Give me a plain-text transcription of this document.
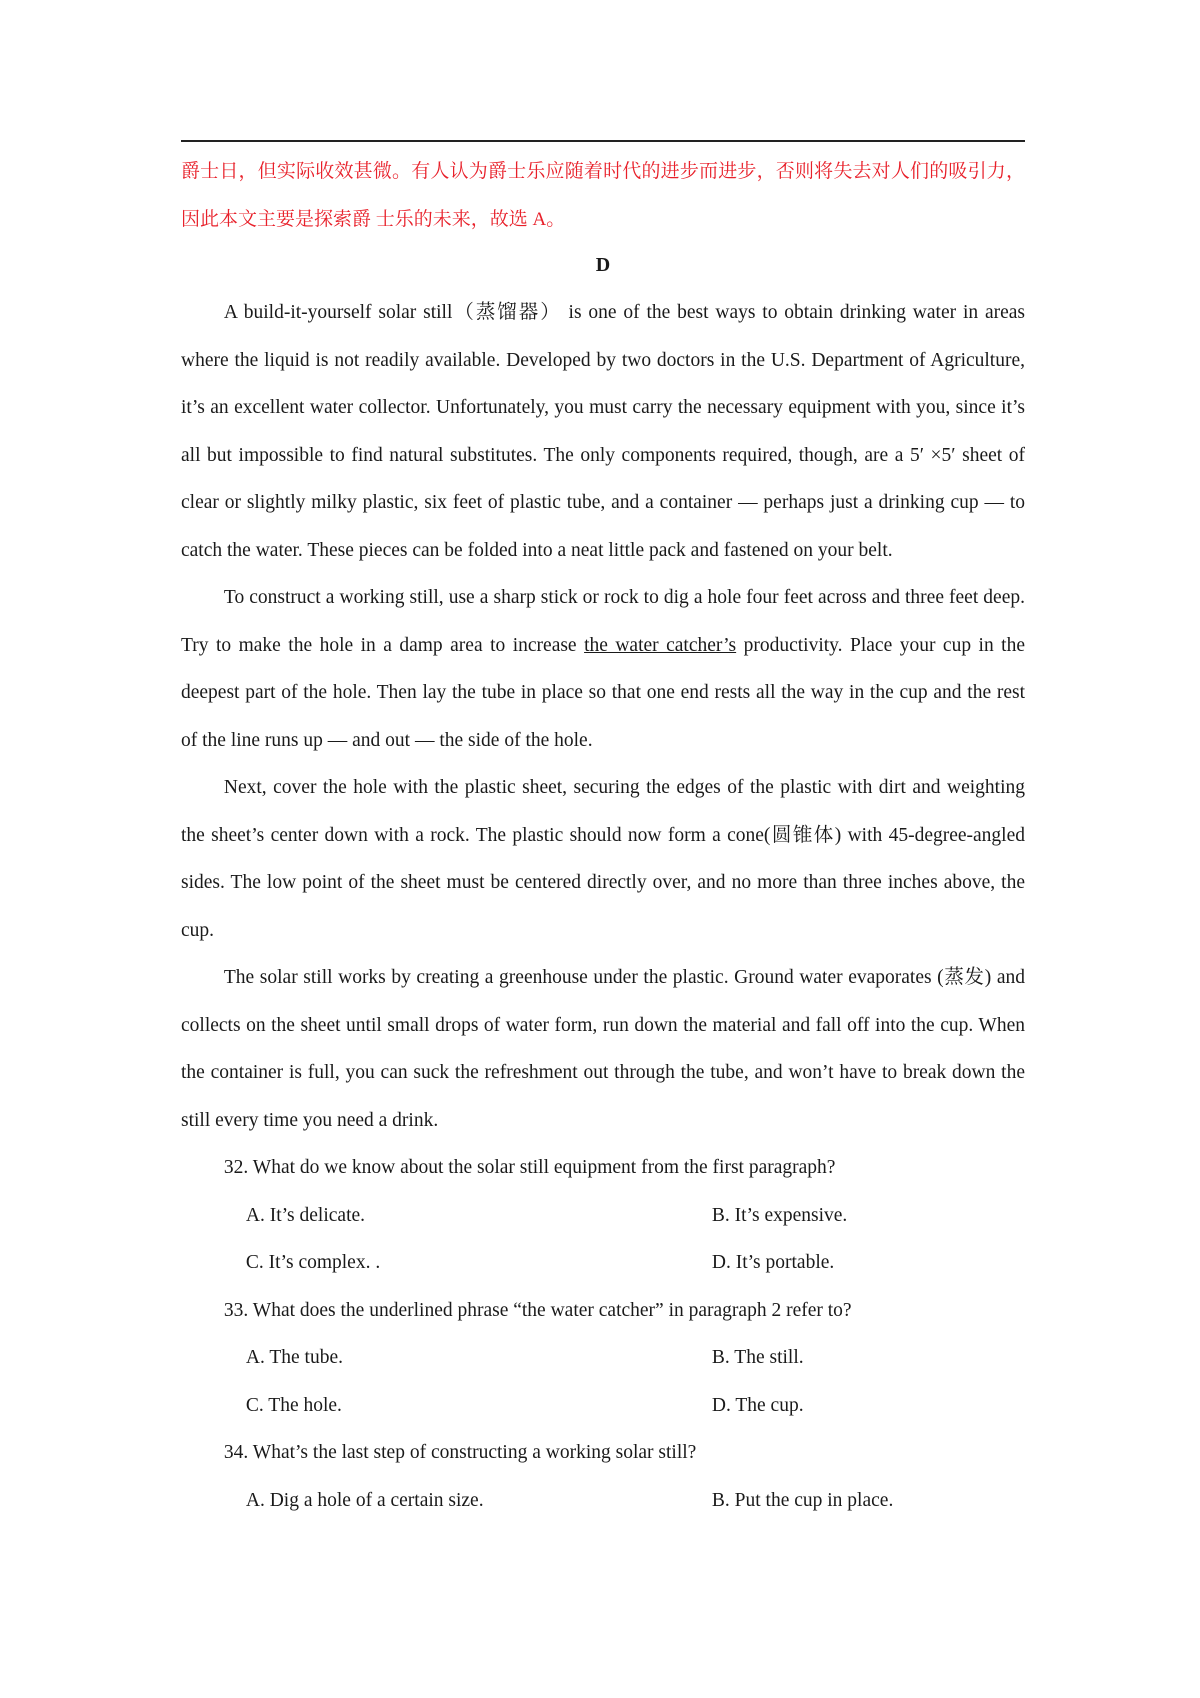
爵士日，但实际收效甚微。有人认为爵士乐应随着时代的进步而进步，否则将失去对人们的吸引力，因此本文主要是探索爵 士乐的未来，故选 A。
D

A build-it-yourself solar still（蒸馏器） is one of the best ways to obtain drinking water in areas where the liquid is not readily available. Developed by two doctors in the U.S. Department of Agriculture, it’s an excellent water collector. Unfortunately, you must carry the necessary equipment with you, since it’s all but impossible to find natural substitutes. The only components required, though, are a 5′ ×5′ sheet of clear or slightly milky plastic, six feet of plastic tube, and a container — perhaps just a drinking cup — to catch the water. These pieces can be folded into a neat little pack and fastened on your belt.

To construct a working still, use a sharp stick or rock to dig a hole four feet across and three feet deep. Try to make the hole in a damp area to increase the water catcher’s productivity. Place your cup in the deepest part of the hole. Then lay the tube in place so that one end rests all the way in the cup and the rest of the line runs up — and out — the side of the hole.

Next, cover the hole with the plastic sheet, securing the edges of the plastic with dirt and weighting the sheet’s center down with a rock. The plastic should now form a cone(圆锥体) with 45-degree-angled sides. The low point of the sheet must be centered directly over, and no more than three inches above, the cup.

The solar still works by creating a greenhouse under the plastic. Ground water evaporates (蒸发) and collects on the sheet until small drops of water form, run down the material and fall off into the cup. When the container is full, you can suck the refreshment out through the tube, and won’t have to break down the still every time you need a drink.

32. What do we know about the solar still equipment from the first paragraph?

A. It’s delicate.	B. It’s expensive.

C. It’s complex. .	D. It’s portable.

33. What does the underlined phrase “the water catcher” in paragraph 2 refer to?

A. The tube.	B. The still.

C. The hole.	D. The cup.

34. What’s the last step of constructing a working solar still?

A. Dig a hole of a certain size.	B. Put the cup in place.
